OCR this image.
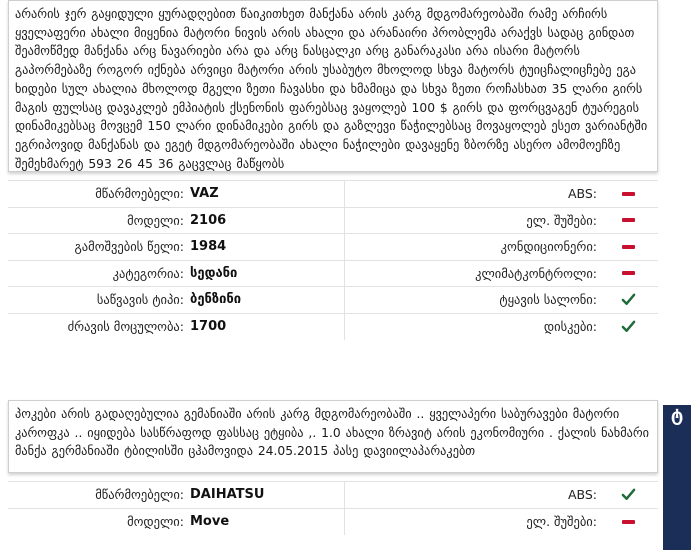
არარის ჯერ გაყიდული ყურადღებით წაიკითხეთ მანქანა არის კარგ მდგომარეობაში რამე არჩირს ყველაფერი ახალი მიყენია მატორი ნივის არის ახალი და არანაირი პრობლემა არაქვს სადაც გინდათ შეამოწმედ მანქანა არც ნავარიები არა და არც ნასცალკი არც განარაკასი არა ისარი მატორს გაპორმებაზე როგორ იქნება არვიცი მატორი არის უსაბუტო მხოლოდ სხვა მატორს ტუიცჩალიცჩებე ეგა ხიდები სულ ახალია მხოლოდ მგელი ზეთი ჩავასხი და ხმამიცა და სხვა ზეთი როჩასხათ 35 ლარი გირს მაგის ფულსაც დავაკლებ ემპიატის ქსენონის ფარებსაც ვაყოლებ 100 $ გირს და ფორცვაგენ ტუარეგის დინამიკებსაც მოვცემ 150 ლარი დინამიკები გირს და გაზლევი წაჭილებსაც მოვაყოლებ ესეთ ვარიანტში ეგრიპოვიდ მანქანას და ეგეტ მდგომარეობაში ახალი ნაჭილები დავაყენე ზბორზე ასერო ამომოეჩზე შემეხმარეტ 593 26 45 36 გაცვლაც მაწყობს
მწარმოებელი: VAZ	ABS:
მოდელი: 2106	ელ. შუშები:
გამოშვების წელი: 1984	კონდიციონერი:
კატეგორია: სედანი	კლიმატკონტროლი:
საწვავის ტიპი: ბენზინი	ტყავის სალონი:
ძრავის მოცულობა: 1700	დისკები:
პოკები არის გადაღებულია გემანიაში არის კარგ მდგომარეობაში .. ყველაპერი საბურავები მატორი კაროფკა .. იყიდება სასწრაფოდ ფასსაც ეტყიბა ,. 1.0 ახალი ზრავიტ არის ეკონომიური . ქალის ნახმარი მანქა გერმანიაში ტბილისში ცჰამოვიდა 24.05.2015 პასე დავიილაპარაკებთ
მწარმოებელი: DAIHATSU	ABS:
მოდელი: Move	ელ. შუშები:
ტ
